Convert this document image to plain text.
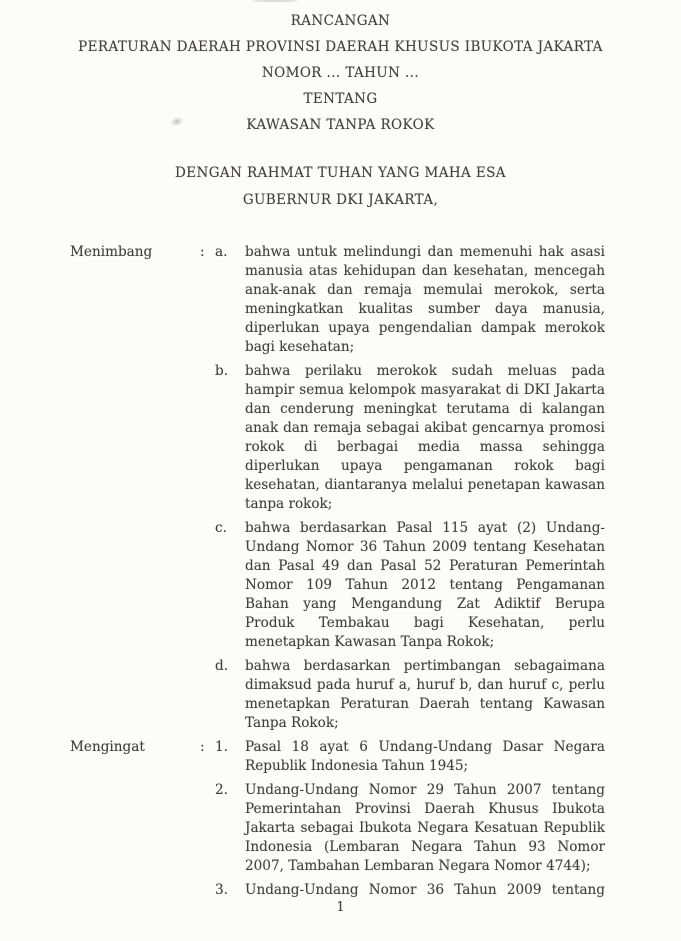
RANCANGAN
PERATURAN DAERAH PROVINSI DAERAH KHUSUS IBUKOTA JAKARTA
NOMOR ... TAHUN ...
TENTANG
KAWASAN TANPA ROKOK
DENGAN RAHMAT TUHAN YANG MAHA ESA
GUBERNUR DKI JAKARTA,
Menimbang	: a.	bahwa untuk melindungi dan memenuhi hak asasi manusia atas kehidupan dan kesehatan, mencegah anak-anak dan remaja memulai merokok, serta meningkatkan kualitas sumber daya manusia, diperlukan upaya pengendalian dampak merokok bagi kesehatan;
b.	bahwa perilaku merokok sudah meluas pada hampir semua kelompok masyarakat di DKI Jakarta dan cenderung meningkat terutama di kalangan anak dan remaja sebagai akibat gencarnya promosi rokok di berbagai media massa sehingga diperlukan upaya pengamanan rokok bagi kesehatan, diantaranya melalui penetapan kawasan tanpa rokok;
c.	bahwa berdasarkan Pasal 115 ayat (2) Undang-Undang Nomor 36 Tahun 2009 tentang Kesehatan dan Pasal 49 dan Pasal 52 Peraturan Pemerintah Nomor 109 Tahun 2012 tentang Pengamanan Bahan yang Mengandung Zat Adiktif Berupa Produk Tembakau bagi Kesehatan, perlu menetapkan Kawasan Tanpa Rokok;
d.	bahwa berdasarkan pertimbangan sebagaimana dimaksud pada huruf a, huruf b, dan huruf c, perlu menetapkan Peraturan Daerah tentang Kawasan Tanpa Rokok;
Mengingat	: 1.	Pasal 18 ayat 6 Undang-Undang Dasar Negara Republik Indonesia Tahun 1945;
2.	Undang-Undang Nomor 29 Tahun 2007 tentang Pemerintahan Provinsi Daerah Khusus Ibukota Jakarta sebagai Ibukota Negara Kesatuan Republik Indonesia (Lembaran Negara Tahun 93 Nomor 2007, Tambahan Lembaran Negara Nomor 4744);
3.	Undang-Undang Nomor 36 Tahun 2009 tentang
1
